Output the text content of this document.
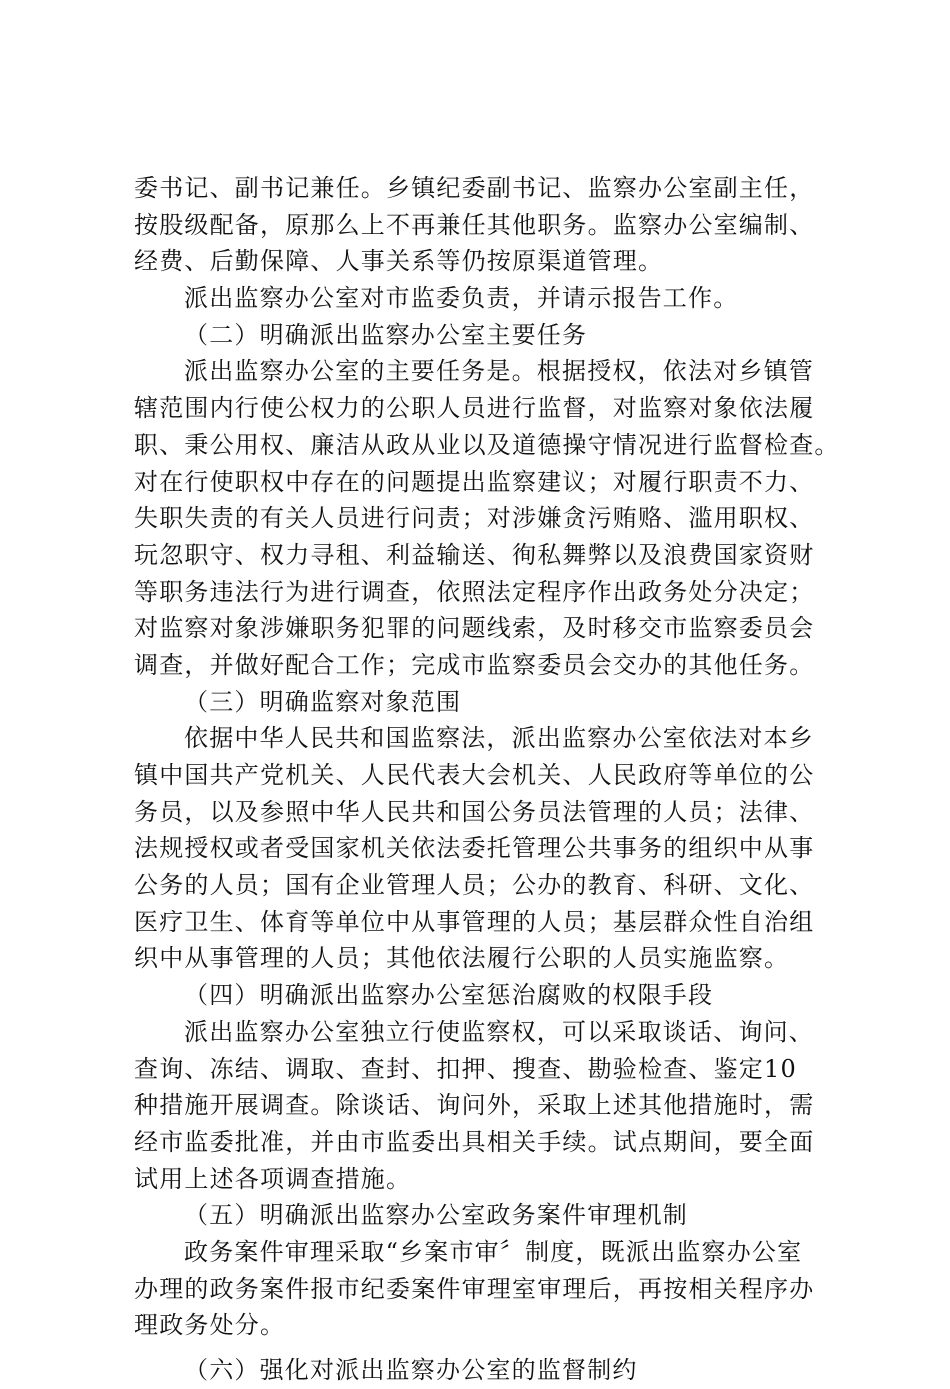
委书记、副书记兼任。乡镇纪委副书记、监察办公室副主任，
按股级配备，原那么上不再兼任其他职务。监察办公室编制、
经费、后勤保障、人事关系等仍按原渠道管理。
派出监察办公室对市监委负责，并请示报告工作。
（二）明确派出监察办公室主要任务
派出监察办公室的主要任务是。根据授权，依法对乡镇管
辖范围内行使公权力的公职人员进行监督，对监察对象依法履
职、秉公用权、廉洁从政从业以及道德操守情况进行监督检查。
对在行使职权中存在的问题提出监察建议；对履行职责不力、
失职失责的有关人员进行问责；对涉嫌贪污贿赂、滥用职权、
玩忽职守、权力寻租、利益输送、徇私舞弊以及浪费国家资财
等职务违法行为进行调查，依照法定程序作出政务处分决定；
对监察对象涉嫌职务犯罪的问题线索，及时移交市监察委员会
调查，并做好配合工作；完成市监察委员会交办的其他任务。
（三）明确监察对象范围
依据中华人民共和国监察法，派出监察办公室依法对本乡
镇中国共产党机关、人民代表大会机关、人民政府等单位的公
务员，以及参照中华人民共和国公务员法管理的人员；法律、
法规授权或者受国家机关依法委托管理公共事务的组织中从事
公务的人员；国有企业管理人员；公办的教育、科研、文化、
医疗卫生、体育等单位中从事管理的人员；基层群众性自治组
织中从事管理的人员；其他依法履行公职的人员实施监察。
（四）明确派出监察办公室惩治腐败的权限手段
派出监察办公室独立行使监察权，可以采取谈话、询问、
查询、冻结、调取、查封、扣押、搜查、勘验检查、鉴定10
种措施开展调查。除谈话、询问外，采取上述其他措施时，需
经市监委批准，并由市监委出具相关手续。试点期间，要全面
试用上述各项调查措施。
（五）明确派出监察办公室政务案件审理机制
政务案件审理采取“乡案市审〞制度，既派出监察办公室
办理的政务案件报市纪委案件审理室审理后，再按相关程序办
理政务处分。
（六）强化对派出监察办公室的监督制约
